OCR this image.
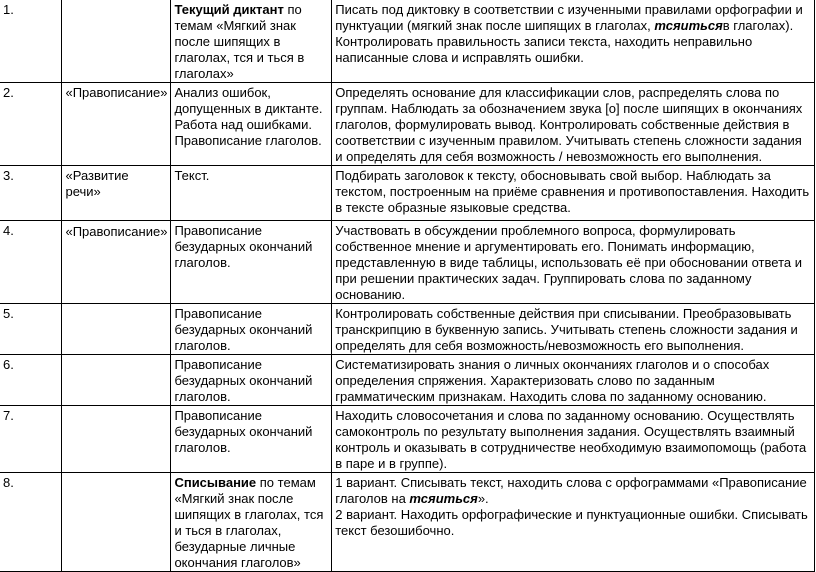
1.		Текущий диктант по темам «Мягкий знак после шипящих в глаголах, тся и ться в глаголах»	Писать под диктовку в соответствии с изученными правилами орфографии и пунктуации (мягкий знак после шипящих в глаголах, тсяитьсяв глаголах). Контролировать правильность записи текста, находить неправильно написанные слова и исправлять ошибки.
2.	«Правописание»	Анализ ошибок, допущенных в диктанте. Работа над ошибками. Правописание глаголов.	Определять основание для классификации слов, распределять слова по группам. Наблюдать за обозначением звука [о] после шипящих в окончаниях глаголов, формулировать вывод. Контролировать собственные действия в соответствии с изученным правилом. Учитывать степень сложности задания и определять для себя возможность / невозможность его выполнения.
3.	«Развитие речи»	Текст.	Подбирать заголовок к тексту, обосновывать свой выбор. Наблюдать за текстом, построенным на приёме сравнения и противопоставления. Находить в тексте образные языковые средства.
4.	«Правописание»	Правописание безударных окончаний глаголов.	Участвовать в обсуждении проблемного вопроса, формулировать собственное мнение и аргументировать его. Понимать информацию, представленную в виде таблицы, использовать её при обосновании ответа и при решении практических задач. Группировать слова по заданному основанию.
5.		Правописание безударных окончаний глаголов.	Контролировать собственные действия при списывании. Преобразовывать транскрипцию в буквенную запись. Учитывать степень сложности задания и определять для себя возможность/невозможность его выполнения.
6.		Правописание безударных окончаний глаголов.	Систематизировать знания о личных окончаниях глаголов и о способах определения спряжения. Характеризовать слово по заданным грамматическим признакам. Находить слова по заданному основанию.
7.		Правописание безударных окончаний глаголов.	Находить словосочетания и слова по заданному основанию. Осуществлять самоконтроль по результату выполнения задания. Осуществлять взаимный контроль и оказывать в сотрудничестве необходимую взаимопомощь (работа в паре и в группе).
8.		Списывание по темам «Мягкий знак после шипящих в глаголах, тся и ться в глаголах, безударные личные окончания глаголов»	1 вариант. Списывать текст, находить слова с орфограммами «Правописание глаголов на тсяиться».
2 вариант. Находить орфографические и пунктуационные ошибки. Списывать текст безошибочно.
